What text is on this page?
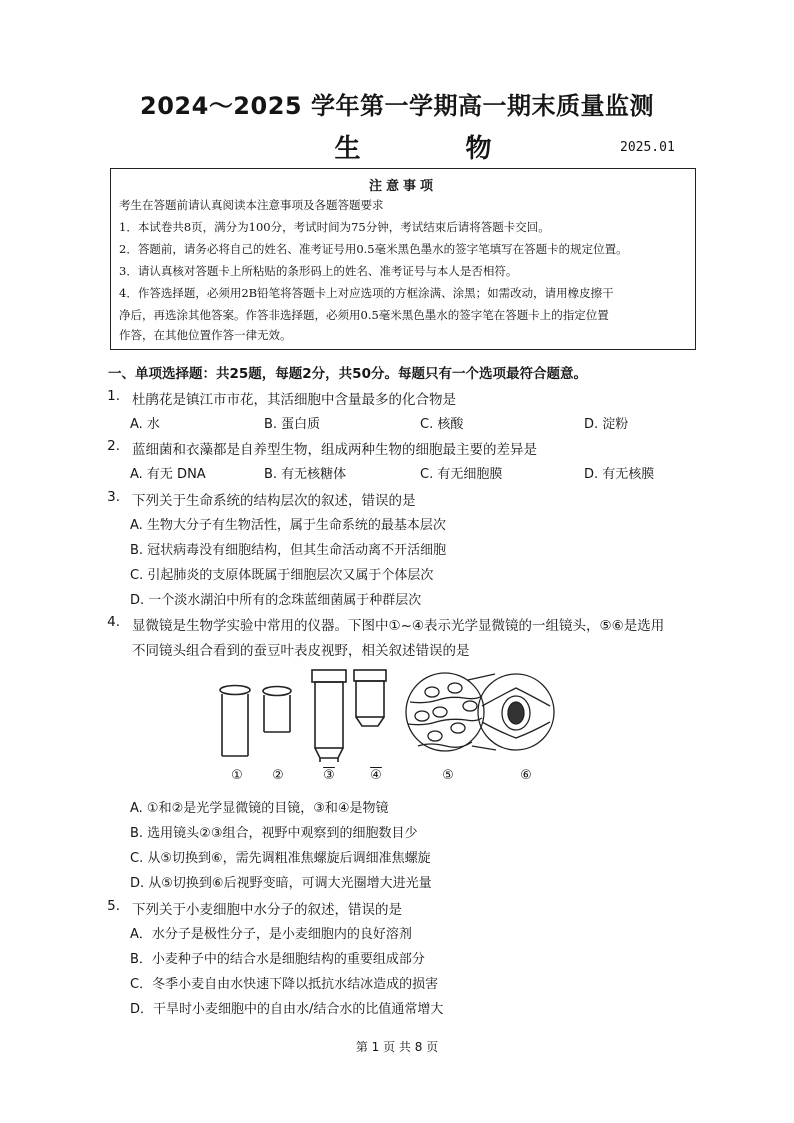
2024～2025 学年第一学期高一期末质量监测
生 物	2025.01
注意事项
考生在答题前请认真阅读本注意事项及各题答题要求
1．本试卷共8页，满分为100分，考试时间为75分钟，考试结束后请将答题卡交回。
2．答题前，请务必将自己的姓名、准考证号用0.5毫米黑色墨水的签字笔填写在答题卡的规定位置。
3．请认真核对答题卡上所粘贴的条形码上的姓名、准考证号与本人是否相符。
4．作答选择题，必须用2B铅笔将答题卡上对应选项的方框涂满、涂黑；如需改动，请用橡皮擦干
净后，再选涂其他答案。作答非选择题，必须用0.5毫米黑色墨水的签字笔在答题卡上的指定位置
作答，在其他位置作答一律无效。
一、单项选择题：共25题，每题2分，共50分。每题只有一个选项最符合题意。
1. 杜鹃花是镇江市市花，其活细胞中含量最多的化合物是
A. 水	B. 蛋白质	C. 核酸	D. 淀粉
2. 蓝细菌和衣藻都是自养型生物，组成两种生物的细胞最主要的差异是
A. 有无 DNA	B. 有无核糖体	C. 有无细胞膜	D. 有无核膜
3. 下列关于生命系统的结构层次的叙述，错误的是
A. 生物大分子有生物活性，属于生命系统的最基本层次
B. 冠状病毒没有细胞结构，但其生命活动离不开活细胞
C. 引起肺炎的支原体既属于细胞层次又属于个体层次
D. 一个淡水湖泊中所有的念珠蓝细菌属于种群层次
4. 显微镜是生物学实验中常用的仪器。下图中①~④表示光学显微镜的一组镜头，⑤⑥是选用
不同镜头组合看到的蚕豆叶表皮视野，相关叙述错误的是
① ②	③	④	⑤	⑥
A. ①和②是光学显微镜的目镜，③和④是物镜
B. 选用镜头②③组合，视野中观察到的细胞数目少
C. 从⑤切换到⑥，需先调粗准焦螺旋后调细准焦螺旋
D. 从⑤切换到⑥后视野变暗，可调大光圈增大进光量
5. 下列关于小麦细胞中水分子的叙述，错误的是
A．水分子是极性分子，是小麦细胞内的良好溶剂
B．小麦种子中的结合水是细胞结构的重要组成部分
C．冬季小麦自由水快速下降以抵抗水结冰造成的损害
D．干旱时小麦细胞中的自由水/结合水的比值通常增大
第 1 页 共 8 页
